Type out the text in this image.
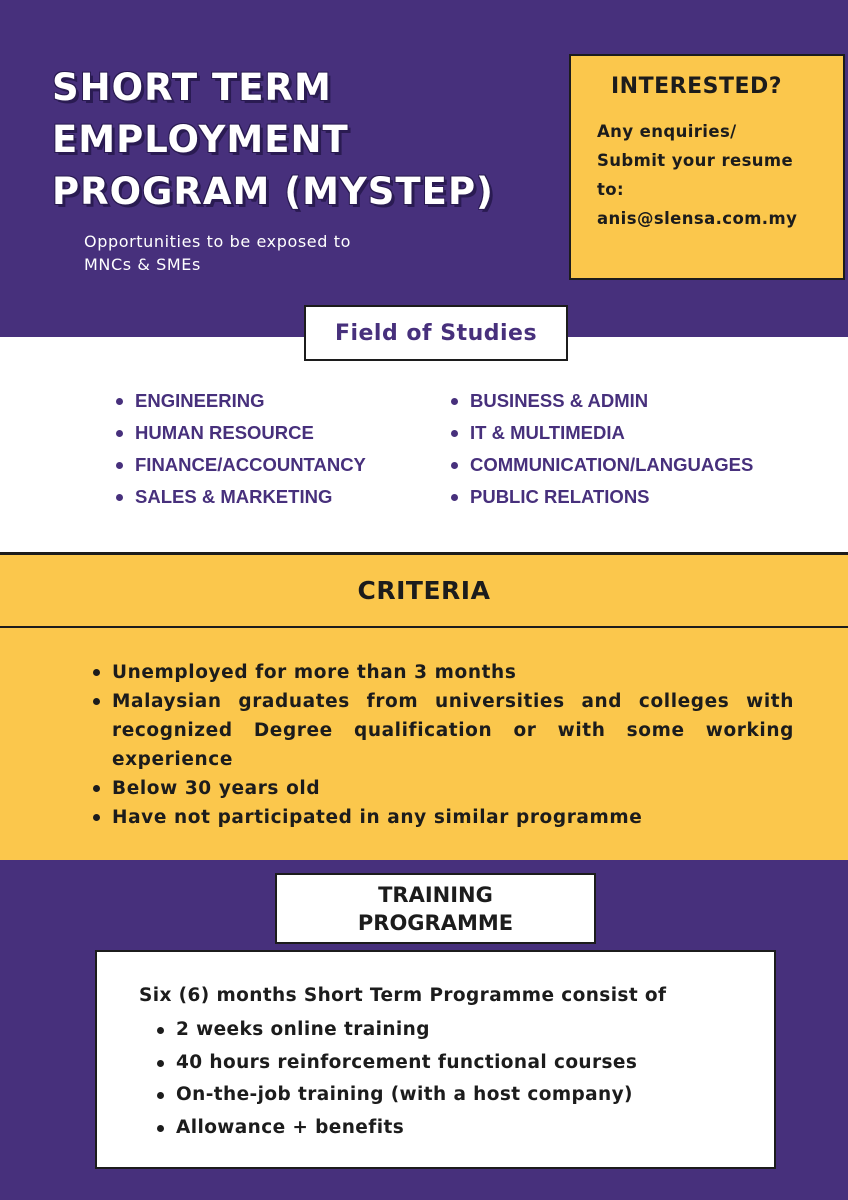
SHORT TERM
EMPLOYMENT
PROGRAM (MYSTEP)
Opportunities to be exposed to
MNCs & SMEs
INTERESTED?
Any enquiries/
Submit your resume
to:
anis@slensa.com.my
Field of Studies
ENGINEERING
HUMAN RESOURCE
FINANCE/ACCOUNTANCY
SALES & MARKETING
BUSINESS & ADMIN
IT & MULTIMEDIA
COMMUNICATION/LANGUAGES
PUBLIC RELATIONS
CRITERIA
Unemployed for more than 3 months
Malaysian graduates from universities and colleges with recognized Degree qualification or with some working experience
Below 30 years old
Have not participated in any similar programme
TRAINING
PROGRAMME
Six (6) months Short Term Programme consist of
2 weeks online training
40 hours reinforcement functional courses
On-the-job training (with a host company)
Allowance + benefits
